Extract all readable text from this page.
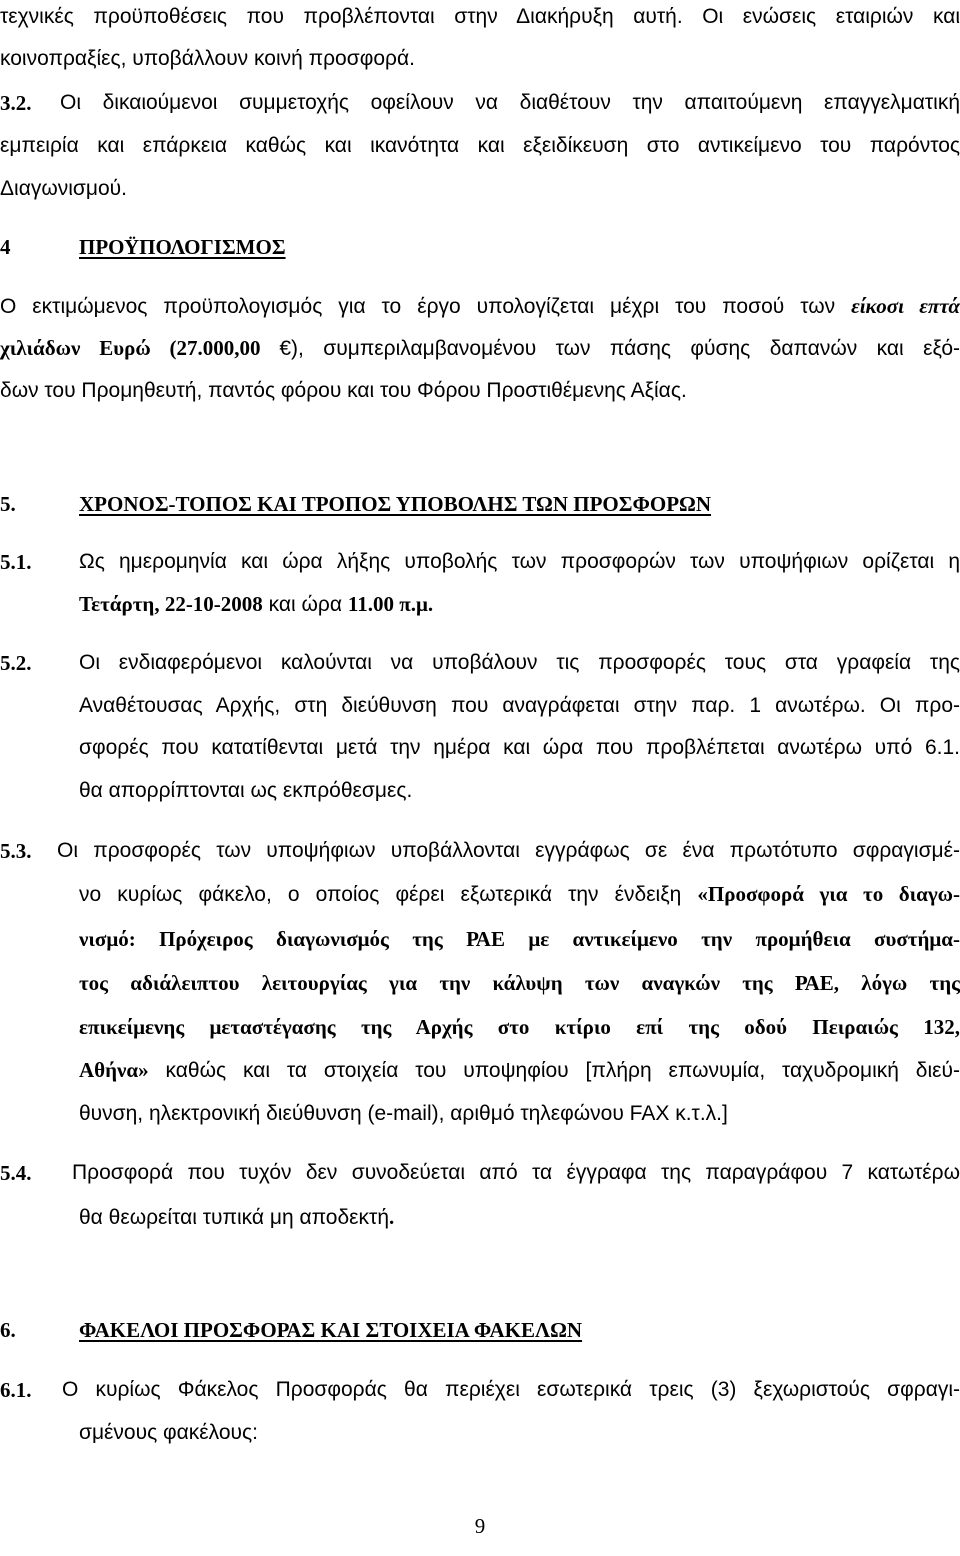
τεχνικές προϋποθέσεις που προβλέπονται στην Διακήρυξη αυτή. Οι ενώσεις εταιριών και
κοινοπραξίες, υποβάλλουν κοινή προσφορά.
3.2. Οι δικαιούμενοι συμμετοχής οφείλουν να διαθέτουν την απαιτούμενη επαγγελματική
εμπειρία και επάρκεια καθώς και ικανότητα και εξειδίκευση στο αντικείμενο του παρόντος
Διαγωνισμού.
4	ΠΡΟΫΠΟΛΟΓΙΣΜΟΣ
Ο εκτιμώμενος προϋπολογισμός για το έργο υπολογίζεται μέχρι του ποσού των είκοσι επτά
χιλιάδων Ευρώ (27.000,00 €), συμπεριλαμβανομένου των πάσης φύσης δαπανών και εξό-
δων του Προμηθευτή, παντός φόρου και του Φόρου Προστιθέμενης Αξίας.
5.	ΧΡΟΝΟΣ-ΤΟΠΟΣ ΚΑΙ ΤΡΟΠΟΣ ΥΠΟΒΟΛΗΣ ΤΩΝ ΠΡΟΣΦΟΡΩΝ
5.1. Ως ημερομηνία και ώρα λήξης υποβολής των προσφορών των υποψήφιων ορίζεται η
Τετάρτη, 22-10-2008 και ώρα 11.00 π.μ.
5.2. Οι ενδιαφερόμενοι καλούνται να υποβάλουν τις προσφορές τους στα γραφεία της
Αναθέτουσας Αρχής, στη διεύθυνση που αναγράφεται στην παρ. 1 ανωτέρω. Οι προ-
σφορές που κατατίθενται μετά την ημέρα και ώρα που προβλέπεται ανωτέρω υπό 6.1.
θα απορρίπτονται ως εκπρόθεσμες.
5.3. Οι προσφορές των υποψήφιων υποβάλλονται εγγράφως σε ένα πρωτότυπο σφραγισμέ-
νο κυρίως φάκελο, ο οποίος φέρει εξωτερικά την ένδειξη «Προσφορά για το διαγω-
νισμό: Πρόχειρος διαγωνισμός της ΡΑΕ με αντικείμενο την προμήθεια συστήμα-
τος αδιάλειπτου λειτουργίας για την κάλυψη των αναγκών της ΡΑΕ, λόγω της
επικείμενης μεταστέγασης της Αρχής στο κτίριο επί της οδού Πειραιώς 132,
Αθήνα» καθώς και τα στοιχεία του υποψηφίου [πλήρη επωνυμία, ταχυδρομική διεύ-
θυνση, ηλεκτρονική διεύθυνση (e-mail), αριθμό τηλεφώνου FAX κ.τ.λ.]
5.4. Προσφορά που τυχόν δεν συνοδεύεται από τα έγγραφα της παραγράφου 7 κατωτέρω
θα θεωρείται τυπικά μη αποδεκτή.
6.	ΦΑΚΕΛΟΙ ΠΡΟΣΦΟΡΑΣ ΚΑΙ ΣΤΟΙΧΕΙΑ ΦΑΚΕΛΩΝ
6.1. Ο κυρίως Φάκελος Προσφοράς θα περιέχει εσωτερικά τρεις (3) ξεχωριστούς σφραγι-
σμένους φακέλους:
9
